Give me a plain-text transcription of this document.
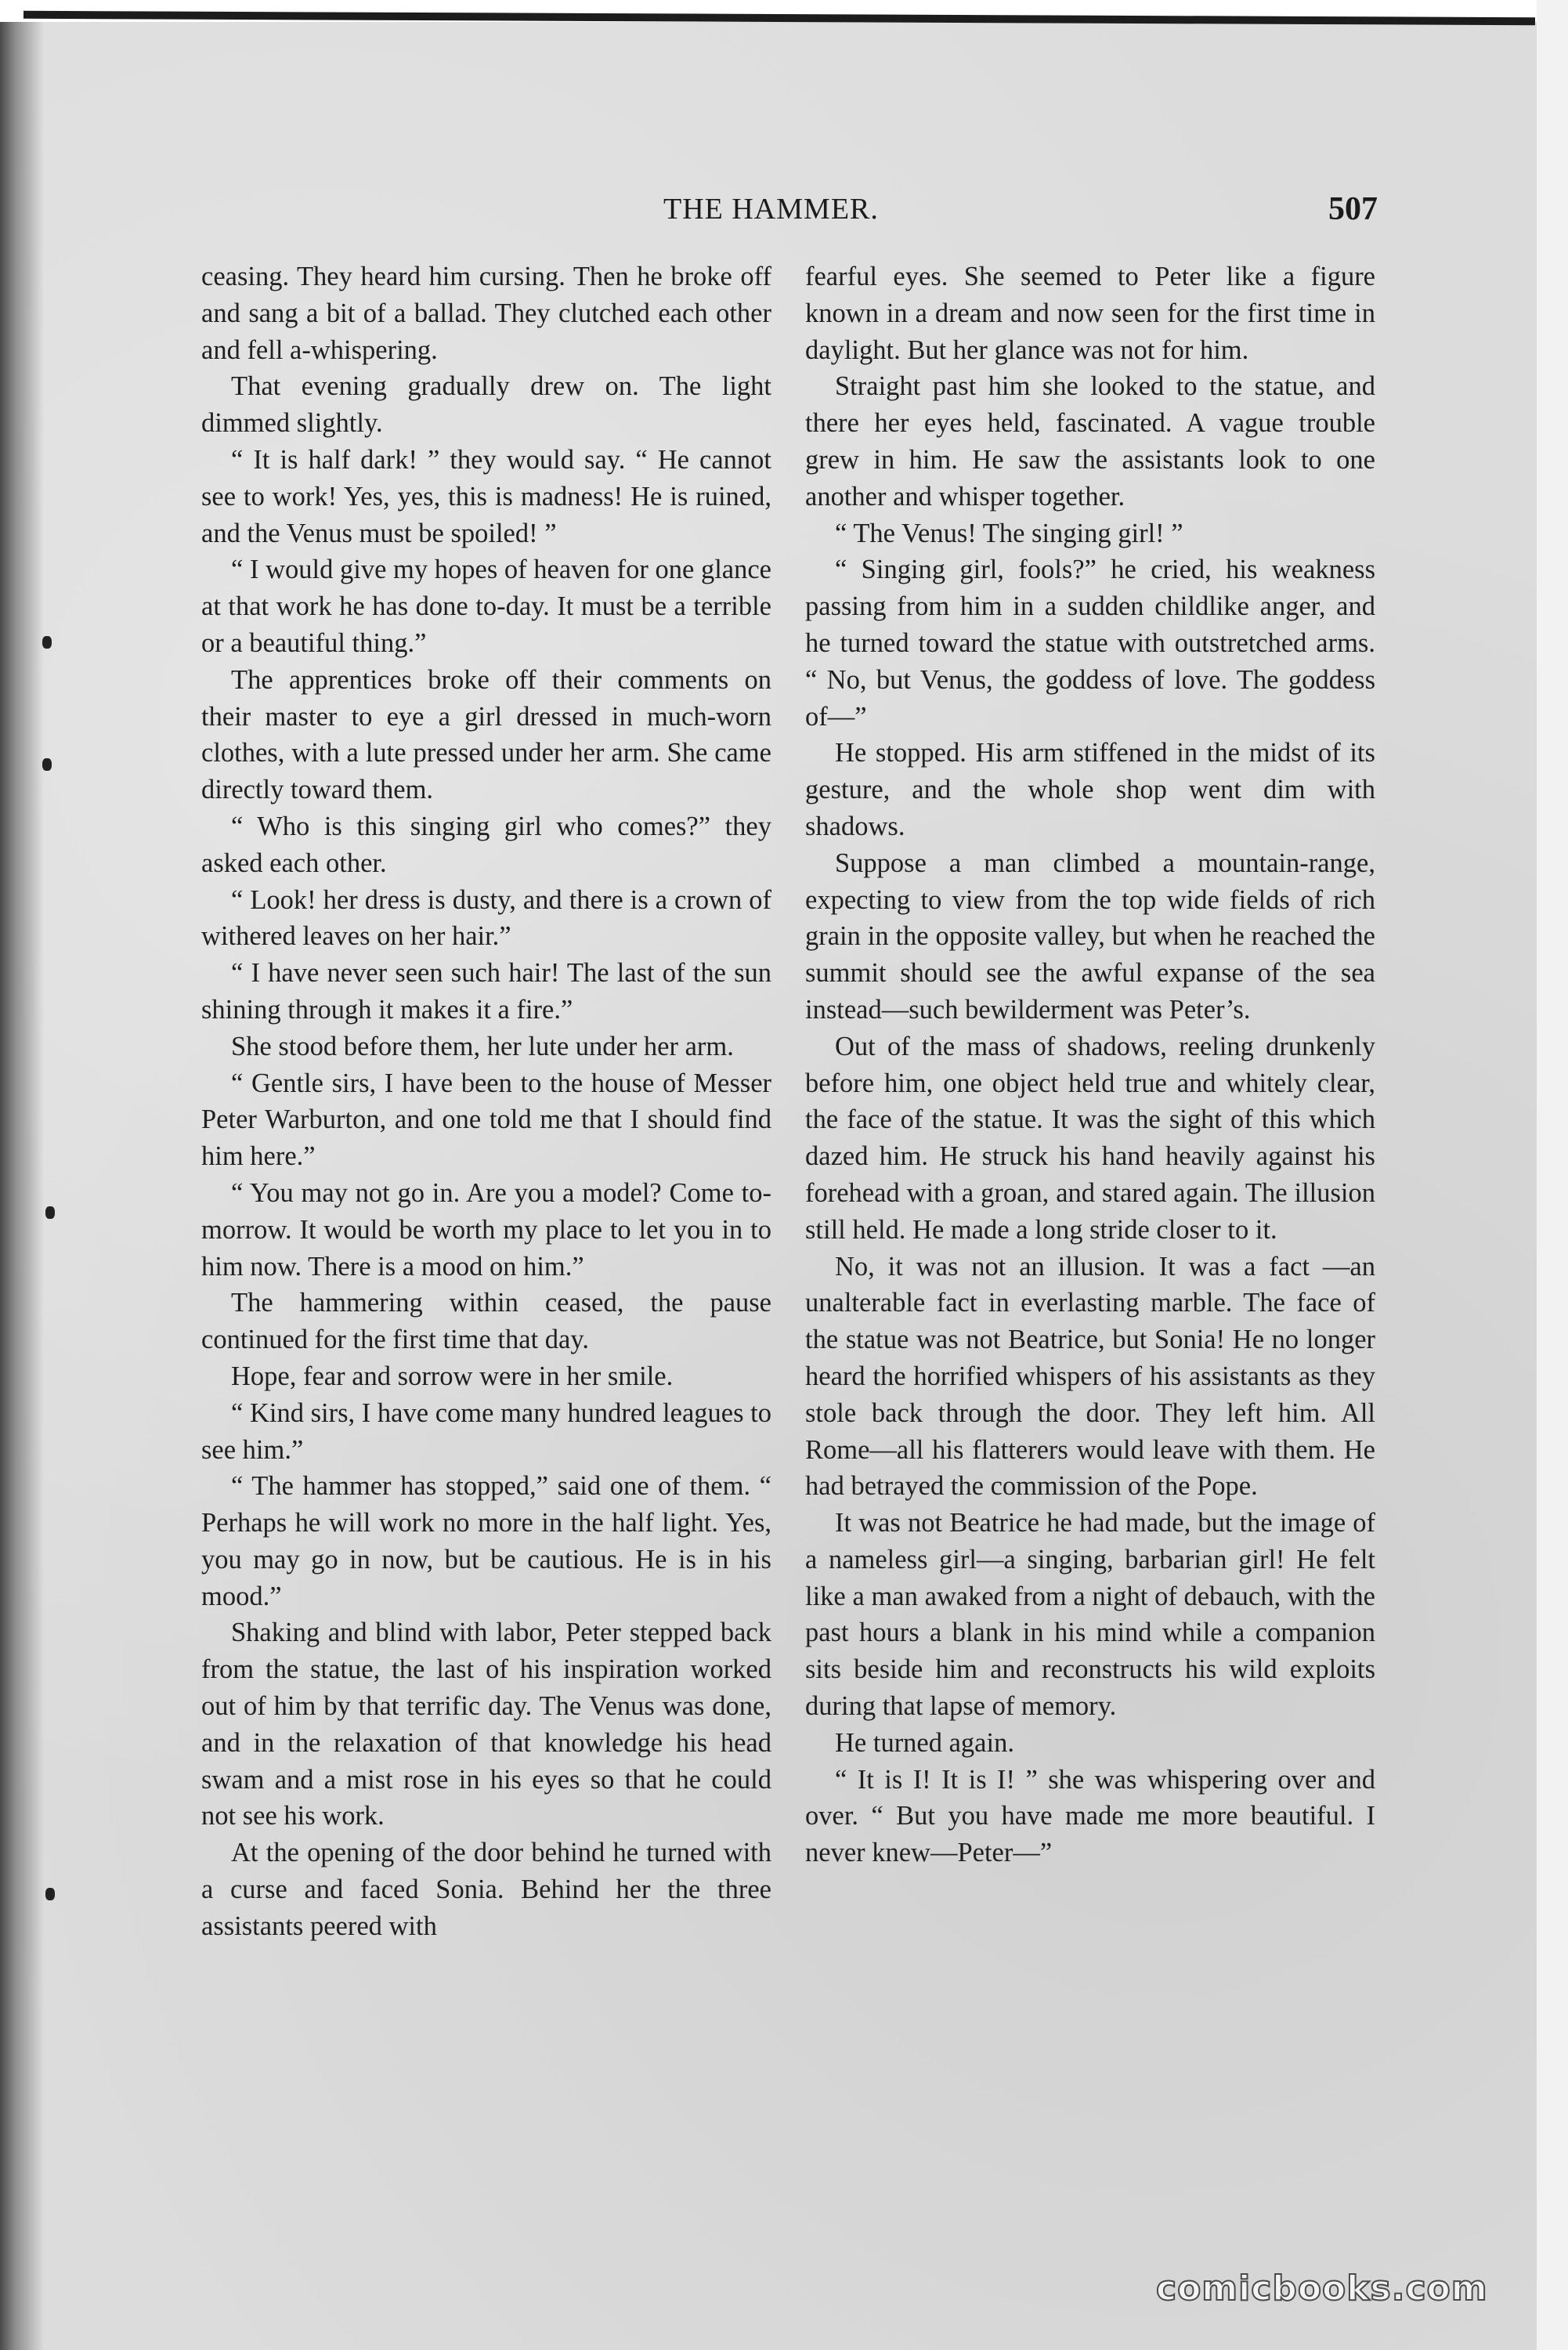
THE HAMMER.	507

ceasing. They heard him cursing. Then he broke off and sang a bit of a ballad. They clutched each other and fell a-whispering.

That evening gradually drew on. The light dimmed slightly.

“ It is half dark! ” they would say. “ He cannot see to work! Yes, yes, this is madness! He is ruined, and the Venus must be spoiled! ”

“ I would give my hopes of heaven for one glance at that work he has done to-day. It must be a terrible or a beautiful thing.”

The apprentices broke off their comments on their master to eye a girl dressed in much-worn clothes, with a lute pressed under her arm. She came directly toward them.

“ Who is this singing girl who comes?” they asked each other.

“ Look! her dress is dusty, and there is a crown of withered leaves on her hair.”

“ I have never seen such hair! The last of the sun shining through it makes it a fire.”

She stood before them, her lute under her arm.

“ Gentle sirs, I have been to the house of Messer Peter Warburton, and one told me that I should find him here.”

“ You may not go in. Are you a model? Come to-morrow. It would be worth my place to let you in to him now. There is a mood on him.”

The hammering within ceased, the pause continued for the first time that day.

Hope, fear and sorrow were in her smile.

“ Kind sirs, I have come many hundred leagues to see him.”

“ The hammer has stopped,” said one of them. “ Perhaps he will work no more in the half light. Yes, you may go in now, but be cautious. He is in his mood.”

Shaking and blind with labor, Peter stepped back from the statue, the last of his inspiration worked out of him by that terrific day. The Venus was done, and in the relaxation of that knowledge his head swam and a mist rose in his eyes so that he could not see his work.

At the opening of the door behind he turned with a curse and faced Sonia. Behind her the three assistants peered with

fearful eyes. She seemed to Peter like a figure known in a dream and now seen for the first time in daylight. But her glance was not for him.

Straight past him she looked to the statue, and there her eyes held, fascinated. A vague trouble grew in him. He saw the assistants look to one another and whisper together.

“ The Venus! The singing girl! ”

“ Singing girl, fools?” he cried, his weakness passing from him in a sudden childlike anger, and he turned toward the statue with outstretched arms. “ No, but Venus, the goddess of love. The goddess of—”

He stopped. His arm stiffened in the midst of its gesture, and the whole shop went dim with shadows.

Suppose a man climbed a mountain-range, expecting to view from the top wide fields of rich grain in the opposite valley, but when he reached the summit should see the awful expanse of the sea instead—such bewilderment was Peter’s.

Out of the mass of shadows, reeling drunkenly before him, one object held true and whitely clear, the face of the statue. It was the sight of this which dazed him. He struck his hand heavily against his forehead with a groan, and stared again. The illusion still held. He made a long stride closer to it.

No, it was not an illusion. It was a fact —an unalterable fact in everlasting marble. The face of the statue was not Beatrice, but Sonia! He no longer heard the horrified whispers of his assistants as they stole back through the door. They left him. All Rome—all his flatterers would leave with them. He had betrayed the commission of the Pope.

It was not Beatrice he had made, but the image of a nameless girl—a singing, barbarian girl! He felt like a man awaked from a night of debauch, with the past hours a blank in his mind while a companion sits beside him and reconstructs his wild exploits during that lapse of memory.

He turned again.

“ It is I! It is I! ” she was whispering over and over. “ But you have made me more beautiful. I never knew—Peter—”

comicbooks.com
